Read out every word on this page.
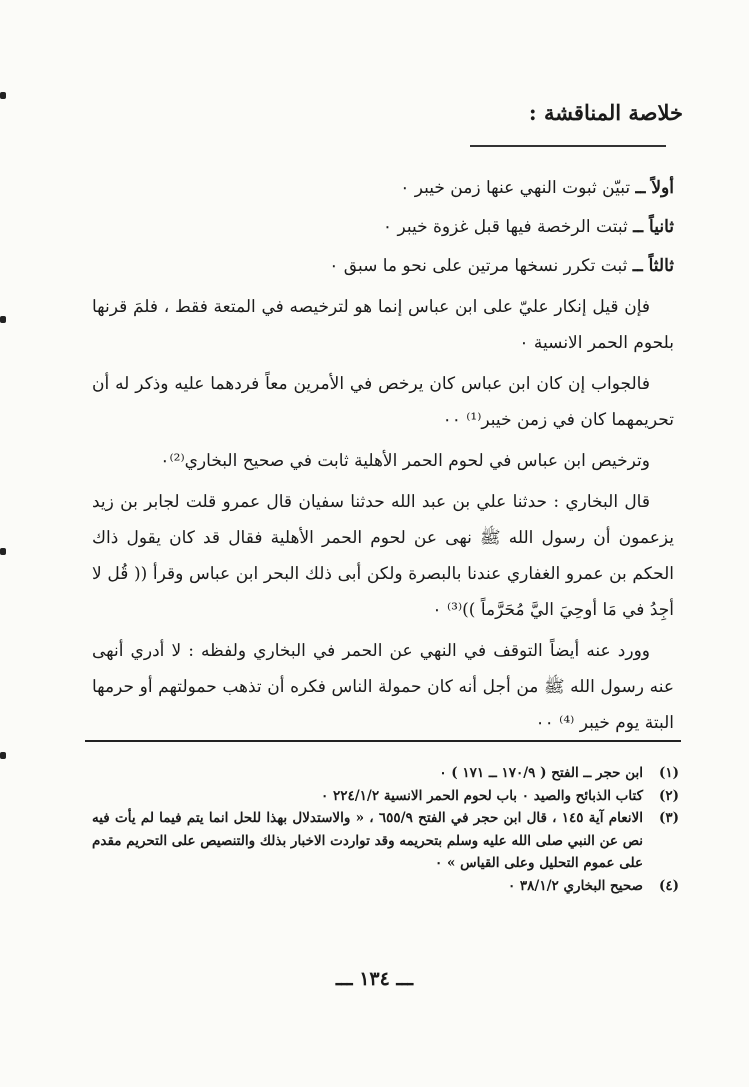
خلاصة المناقشة :

أولاً ــ تبيّن ثبوت النهي عنها زمن خيبر ٠

ثانياً ــ ثبتت الرخصة فيها قبل غزوة خيبر ٠

ثالثاً ــ ثبت تكرر نسخها مرتين على نحو ما سبق ٠

فإن قيل إنكار عليّ على ابن عباس إنما هو لترخيصه في المتعة فقط ، فلمَ قرنها بلحوم الحمر الانسية ٠

فالجواب إن كان ابن عباس كان يرخص في الأمرين معاً فردهما عليه وذكر له أن تحريمهما كان في زمن خيبر⁽¹⁾ ٠٠

وترخيص ابن عباس في لحوم الحمر الأهلية ثابت في صحيح البخاري⁽²⁾٠

قال البخاري : حدثنا علي بن عبد الله حدثنا سفيان قال عمرو قلت لجابر بن زيد يزعمون أن رسول الله ﷺ نهى عن لحوم الحمر الأهلية فقال قد كان يقول ذاك الحكم بن عمرو الغفاري عندنا بالبصرة ولكن أبى ذلك البحر ابن عباس وقرأ (( قُل لا أجِدُ في مَا أوحِيَ اليَّ مُحَرَّماً ))⁽³⁾ ٠

وورد عنه أيضاً التوقف في النهي عن الحمر في البخاري ولفظه : لا أدري أنهى عنه رسول الله ﷺ من أجل أنه كان حمولة الناس فكره أن تذهب حمولتهم أو حرمها البتة يوم خيبر ⁽⁴⁾ ٠٠

(١)
ابن حجر ــ الفتح ( ١٧٠/٩ ــ ١٧١ ) ٠
(٢)
كتاب الذبائح والصيد ٠ باب لحوم الحمر الانسية ٢٢٤/١/٢ ٠
(٣)
الانعام آية ١٤٥ ، قال ابن حجر في الفتح ٦٥٥/٩ ، « والاستدلال بهذا للحل انما يتم فيما لم يأت فيه نص عن النبي صلى الله عليه وسلم بتحريمه وقد تواردت الاخبار بذلك والتنصيص على التحريم مقدم على عموم التحليل وعلى القياس » ٠
(٤)
صحيح البخاري ٣٨/١/٢ ٠
ـــ ١٣٤ ـــ
